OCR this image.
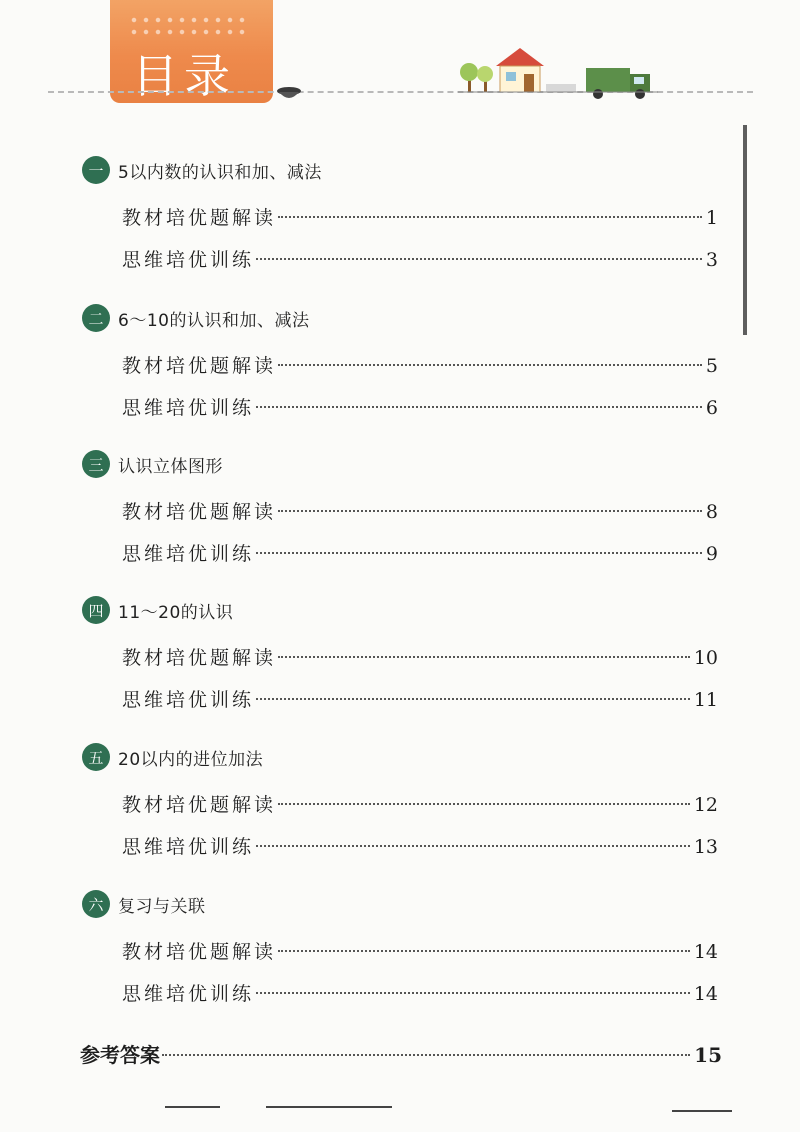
目录
一 5以内数的认识和加、减法
教材培优题解读	1
思维培优训练	3
二 6～10的认识和加、减法
教材培优题解读	5
思维培优训练	6
三 认识立体图形
教材培优题解读	8
思维培优训练	9
四 11～20的认识
教材培优题解读	10
思维培优训练	11
五 20以内的进位加法
教材培优题解读	12
思维培优训练	13
六 复习与关联
教材培优题解读	14
思维培优训练	14
参考答案	15
